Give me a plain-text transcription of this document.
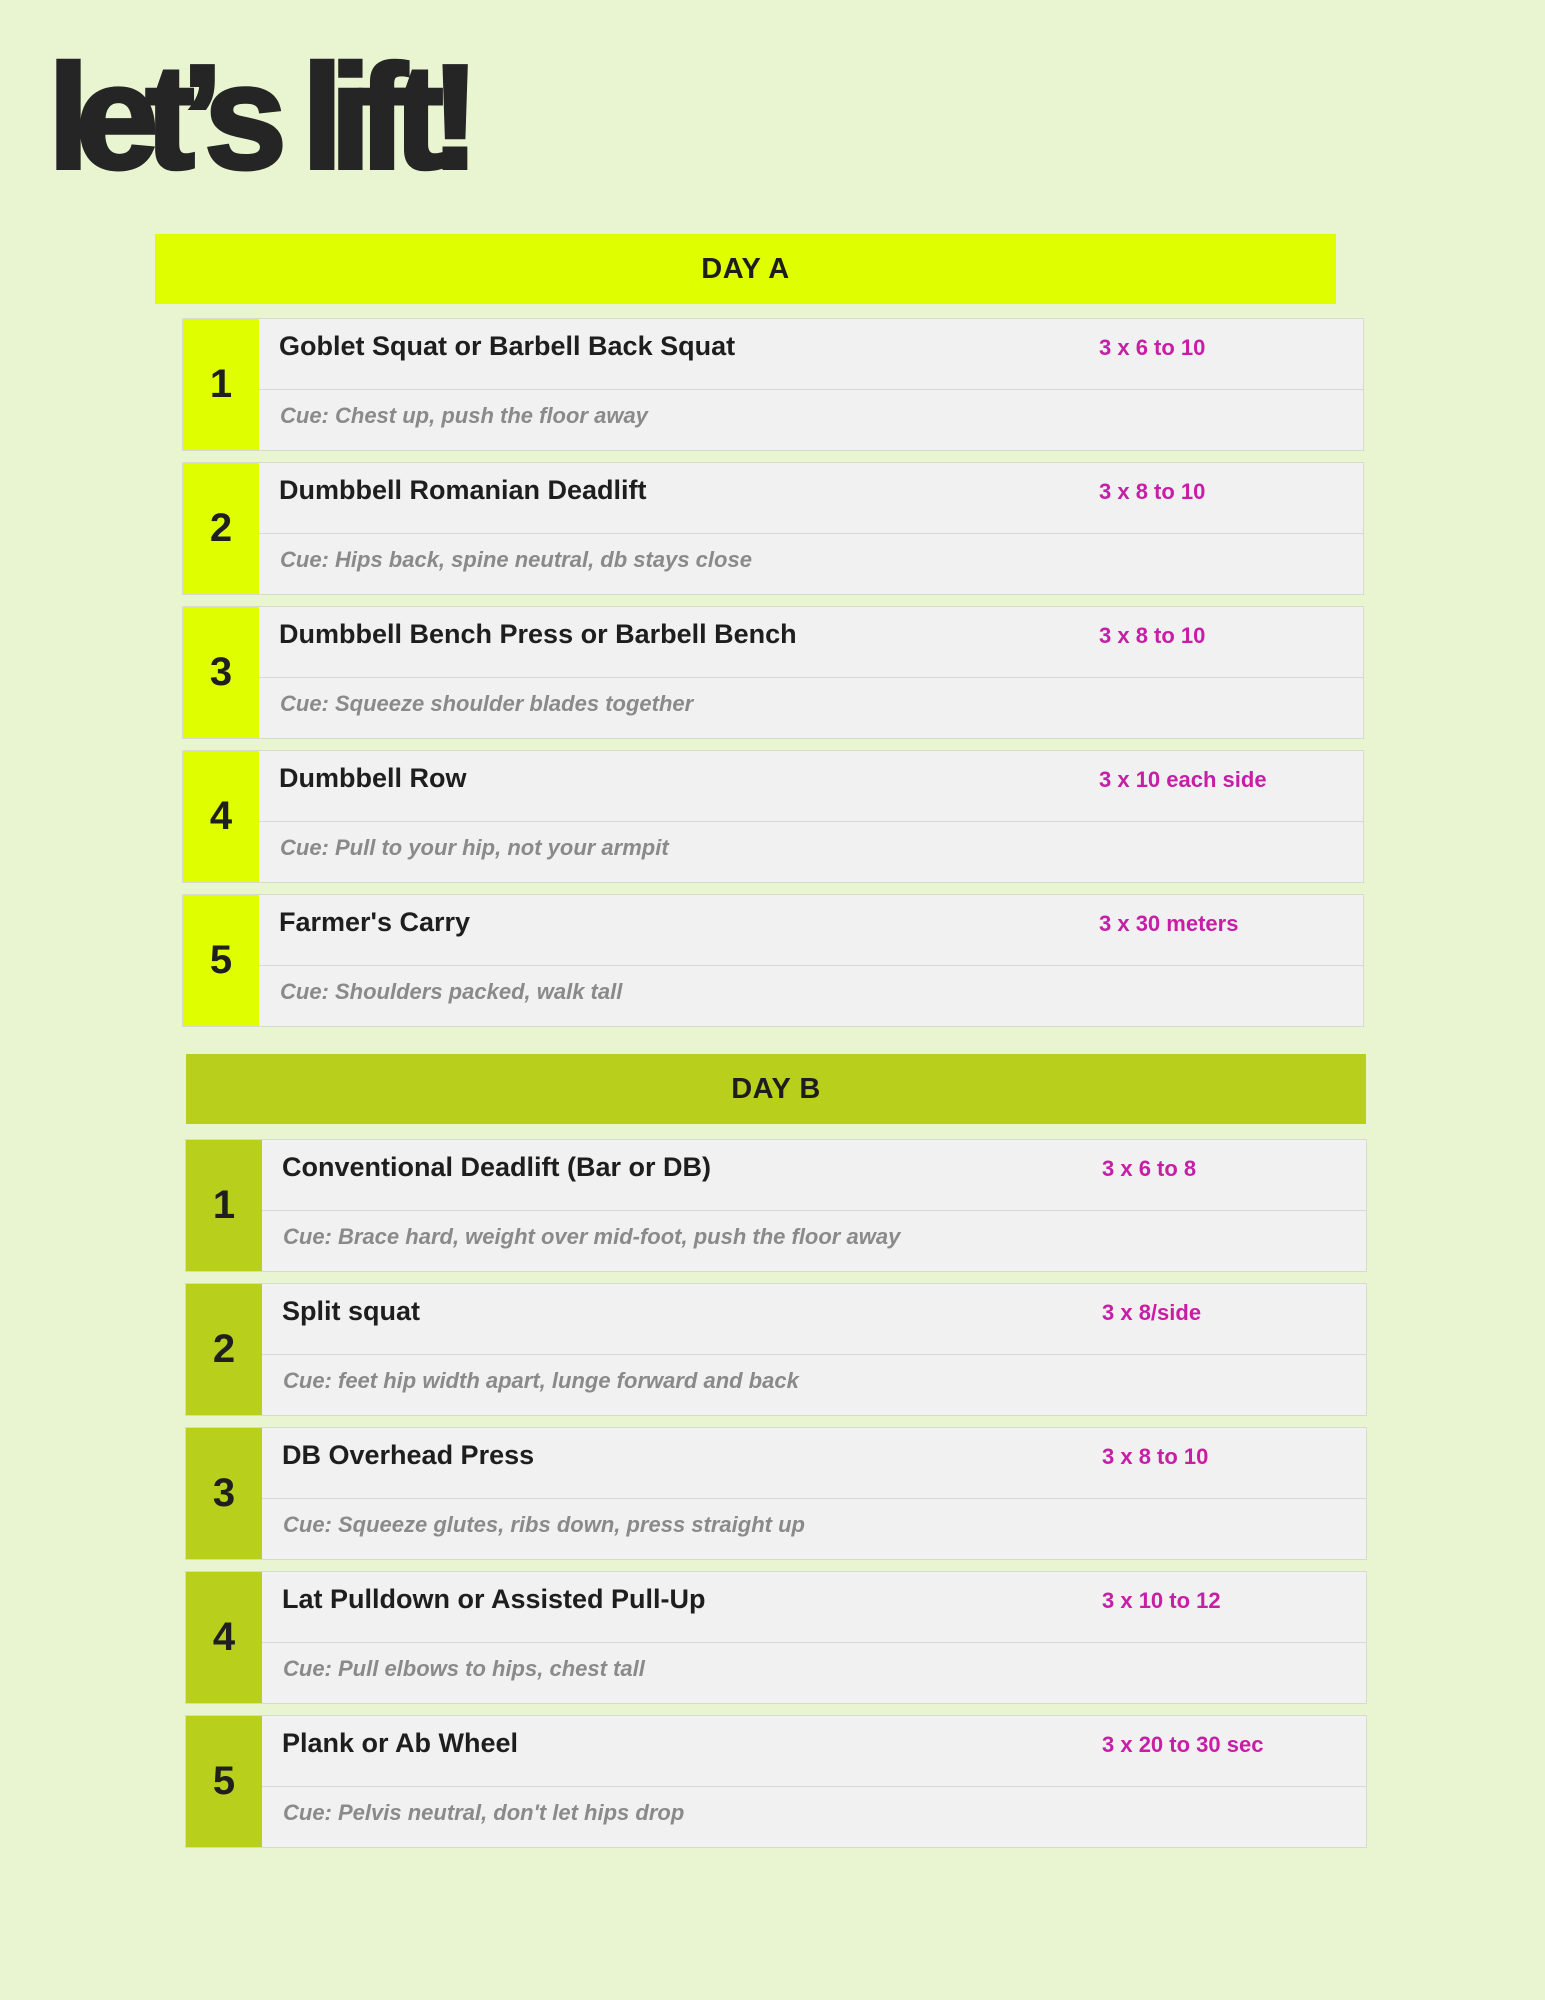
let’s lift!
DAY A
1
Goblet Squat or Barbell Back Squat	3 x 6 to 10
Cue: Chest up, push the floor away
2
Dumbbell Romanian Deadlift	3 x 8 to 10
Cue: Hips back, spine neutral, db stays close
3
Dumbbell Bench Press or Barbell Bench	3 x 8 to 10
Cue: Squeeze shoulder blades together
4
Dumbbell Row	3 x 10 each side
Cue: Pull to your hip, not your armpit
5
Farmer's Carry	3 x 30 meters
Cue: Shoulders packed, walk tall
DAY B
1
Conventional Deadlift (Bar or DB)	3 x 6 to 8
Cue: Brace hard, weight over mid-foot, push the floor away
2
Split squat	3 x 8/side
Cue: feet hip width apart, lunge forward and back
3
DB Overhead Press	3 x 8 to 10
Cue: Squeeze glutes, ribs down, press straight up
4
Lat Pulldown or Assisted Pull-Up	3 x 10 to 12
Cue: Pull elbows to hips, chest tall
5
Plank or Ab Wheel	3 x 20 to 30 sec
Cue: Pelvis neutral, don't let hips drop
